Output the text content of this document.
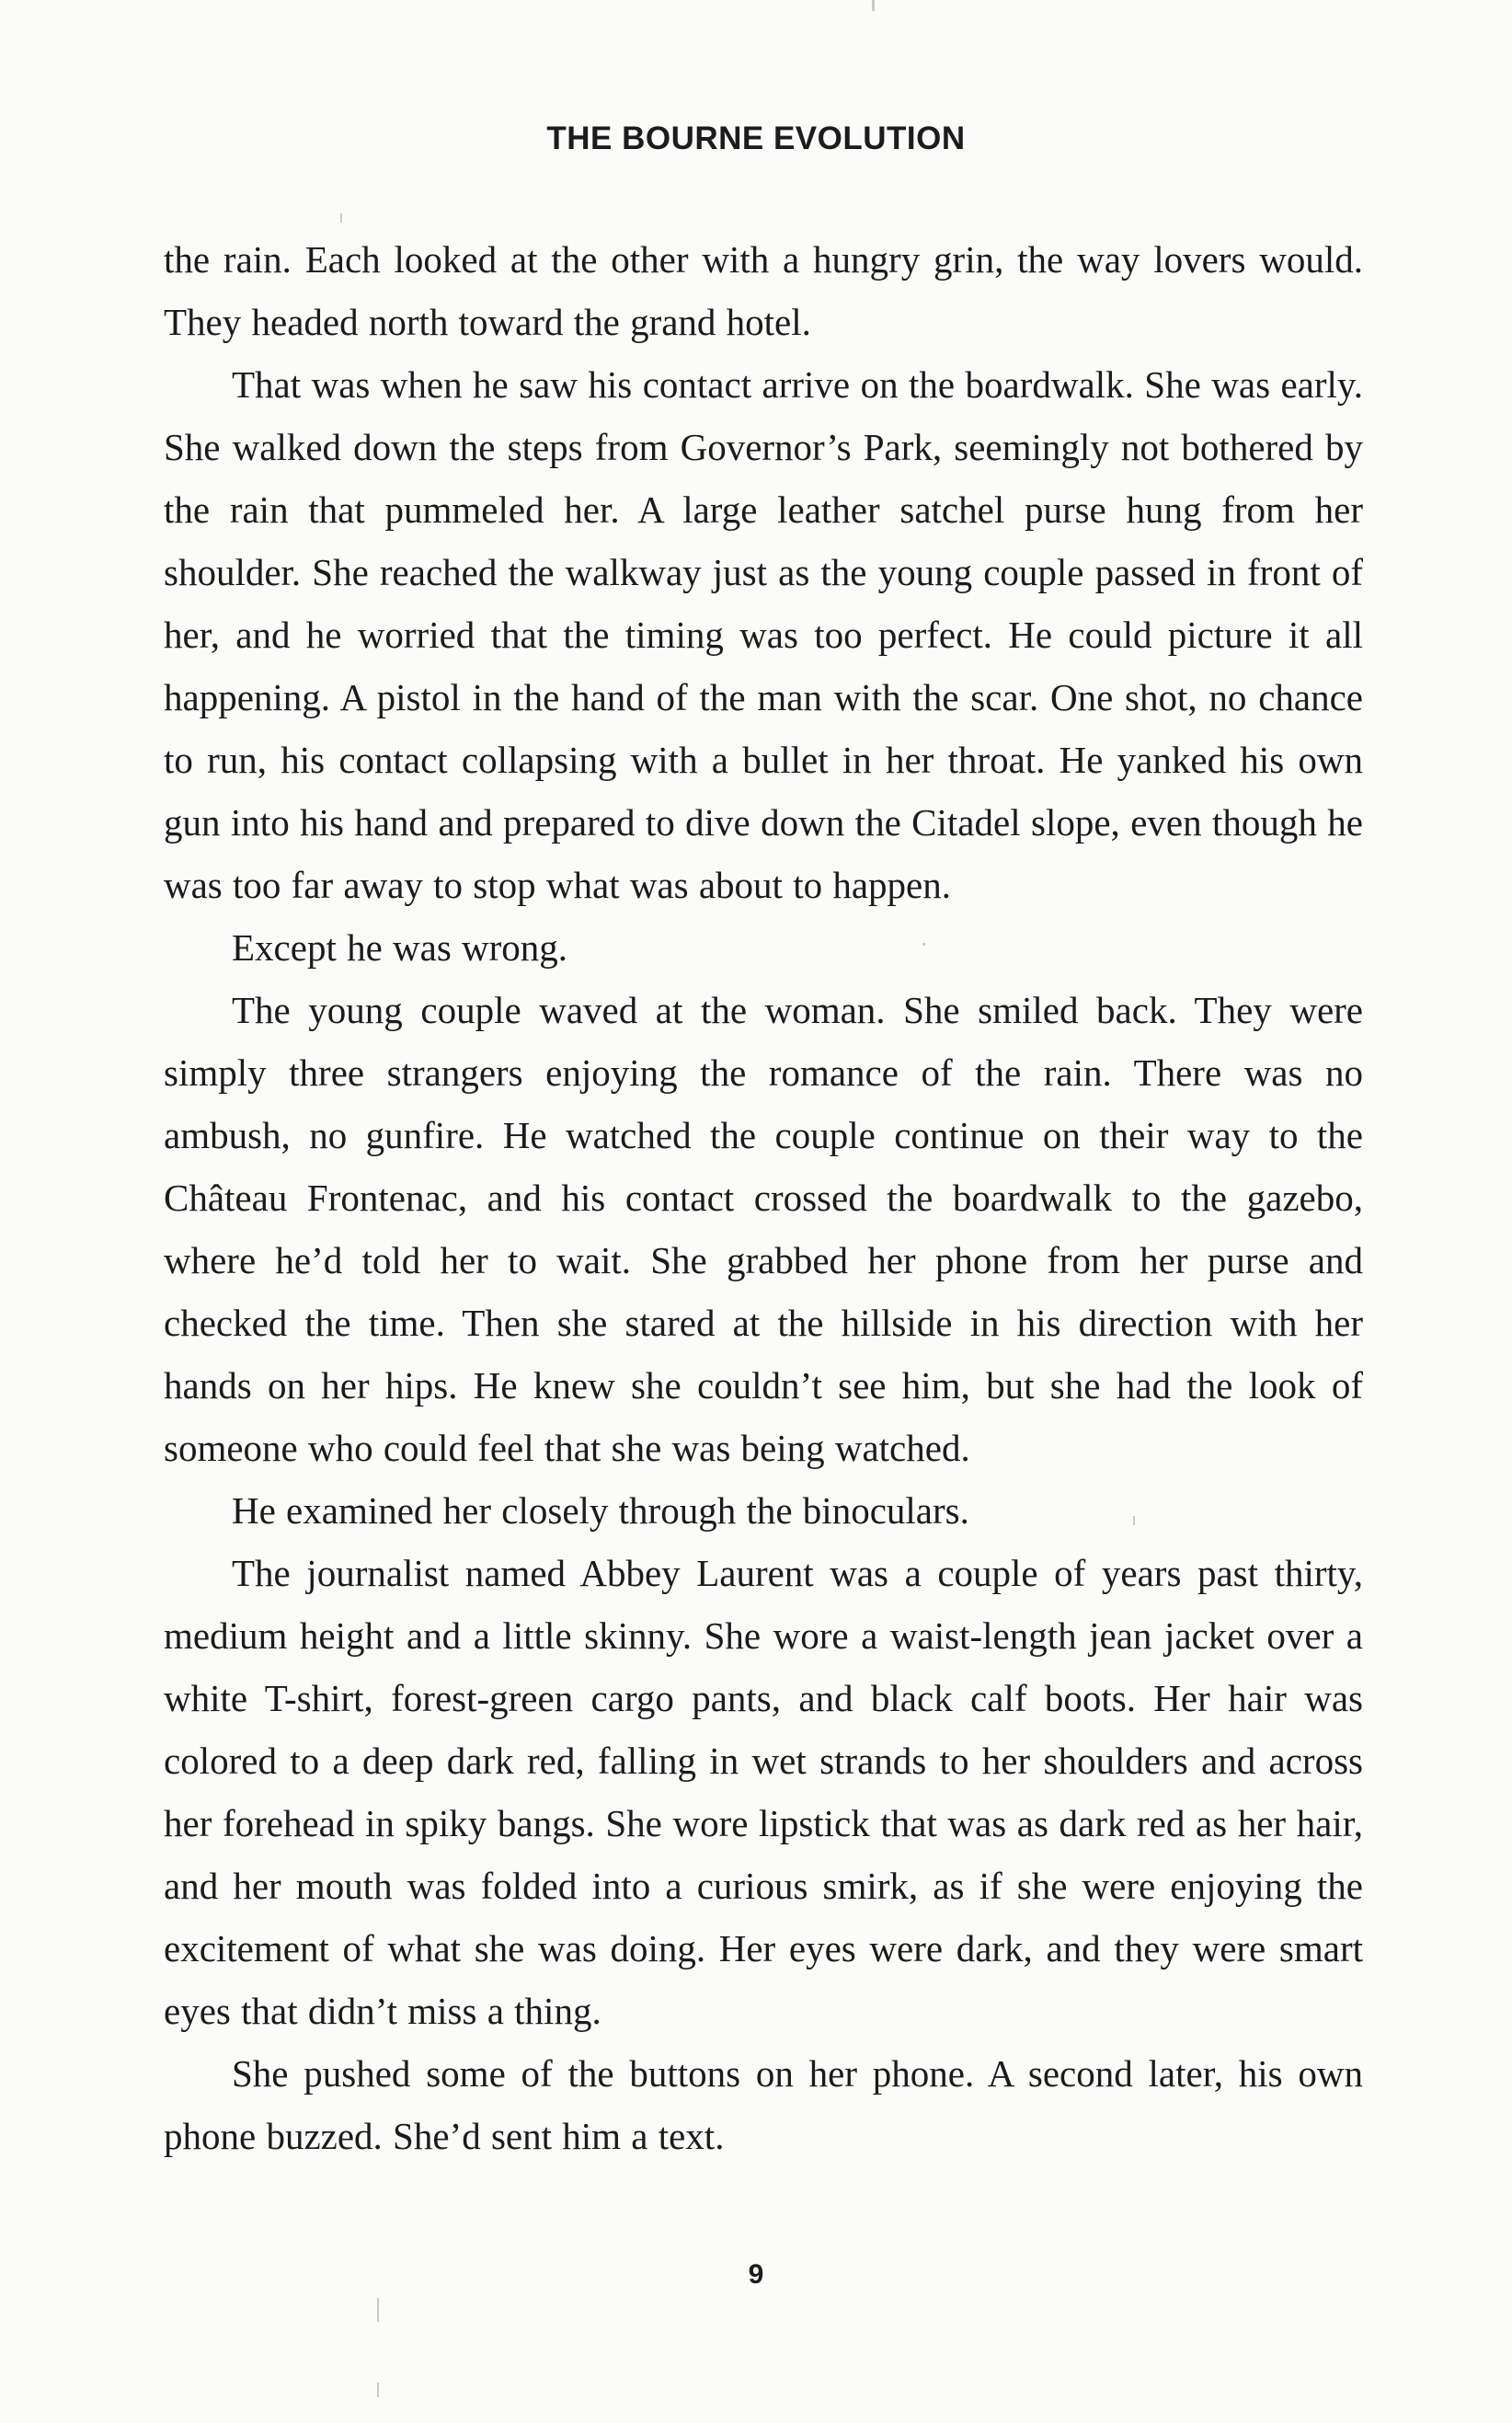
THE BOURNE EVOLUTION

the rain. Each looked at the other with a hungry grin, the way lovers would. They headed north toward the grand hotel.

That was when he saw his contact arrive on the boardwalk. She was early. She walked down the steps from Governor’s Park, seemingly not bothered by the rain that pummeled her. A large leather satchel purse hung from her shoulder. She reached the walkway just as the young couple passed in front of her, and he worried that the timing was too perfect. He could picture it all happening. A pistol in the hand of the man with the scar. One shot, no chance to run, his contact collapsing with a bullet in her throat. He yanked his own gun into his hand and prepared to dive down the Citadel slope, even though he was too far away to stop what was about to happen.

Except he was wrong.

The young couple waved at the woman. She smiled back. They were simply three strangers enjoying the romance of the rain. There was no ambush, no gunfire. He watched the couple continue on their way to the Château Frontenac, and his contact crossed the boardwalk to the gazebo, where he’d told her to wait. She grabbed her phone from her purse and checked the time. Then she stared at the hillside in his direction with her hands on her hips. He knew she couldn’t see him, but she had the look of someone who could feel that she was being watched.

He examined her closely through the binoculars.

The journalist named Abbey Laurent was a couple of years past thirty, medium height and a little skinny. She wore a waist-length jean jacket over a white T-shirt, forest-green cargo pants, and black calf boots. Her hair was colored to a deep dark red, falling in wet strands to her shoulders and across her forehead in spiky bangs. She wore lipstick that was as dark red as her hair, and her mouth was folded into a curious smirk, as if she were enjoying the excitement of what she was doing. Her eyes were dark, and they were smart eyes that didn’t miss a thing.

She pushed some of the buttons on her phone. A second later, his own phone buzzed. She’d sent him a text.

9
